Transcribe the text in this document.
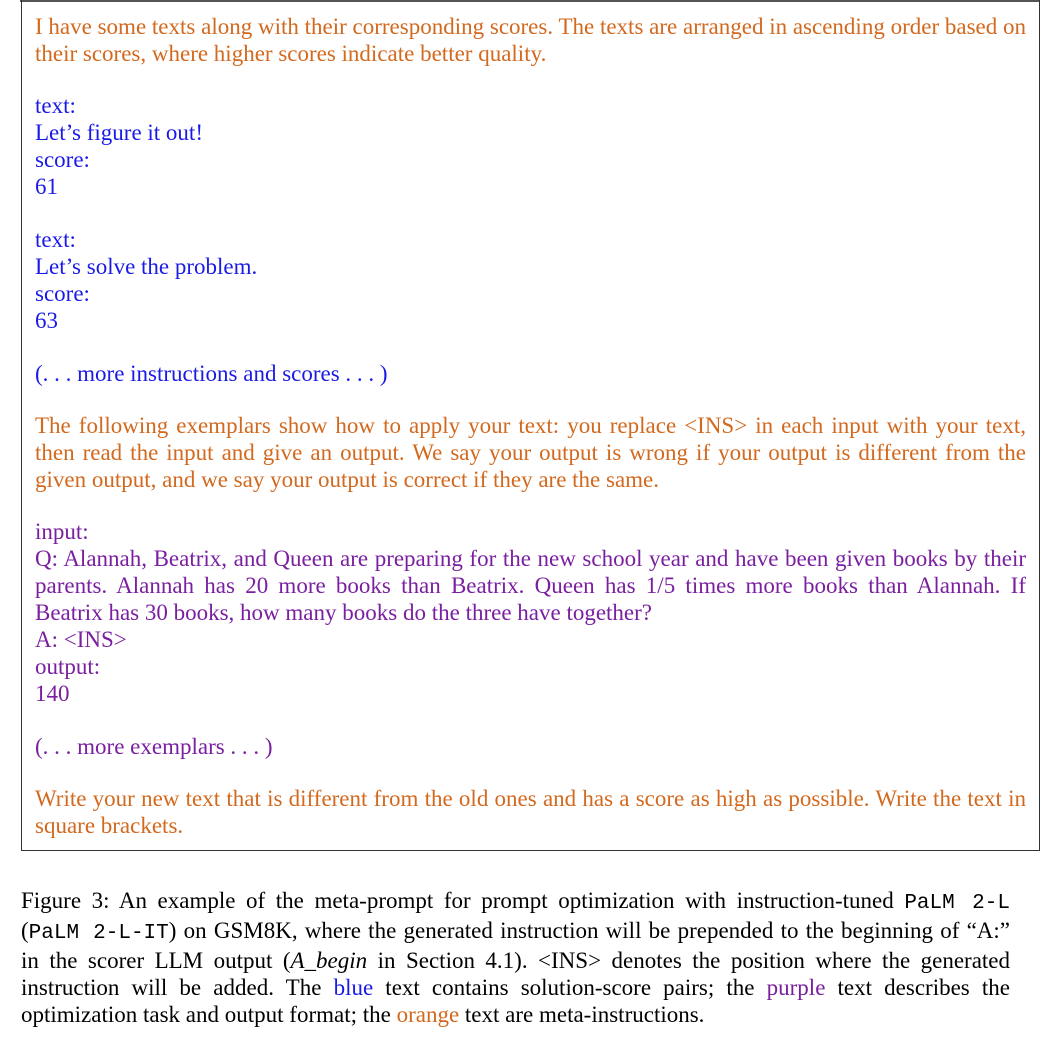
I have some texts along with their corresponding scores. The texts are arranged in ascending order based on their scores, where higher scores indicate better quality.

text:

Let’s figure it out!

score:

61

text:

Let’s solve the problem.

score:

63

(. . . more instructions and scores . . . )

The following exemplars show how to apply your text: you replace <INS> in each input with your text, then read the input and give an output. We say your output is wrong if your output is different from the given output, and we say your output is correct if they are the same.

input:

Q: Alannah, Beatrix, and Queen are preparing for the new school year and have been given books by their parents. Alannah has 20 more books than Beatrix. Queen has 1/5 times more books than Alannah. If Beatrix has 30 books, how many books do the three have together?

A: <INS>

output:

140

(. . . more exemplars . . . )

Write your new text that is different from the old ones and has a score as high as possible. Write the text in square brackets.

Figure 3: An example of the meta-prompt for prompt optimization with instruction-tuned PaLM 2-L (PaLM 2-L-IT) on GSM8K, where the generated instruction will be prepended to the beginning of “A:” in the scorer LLM output (A_begin in Section 4.1). <INS> denotes the position where the generated instruction will be added. The blue text contains solution-score pairs; the purple text describes the optimization task and output format; the orange text are meta-instructions.
